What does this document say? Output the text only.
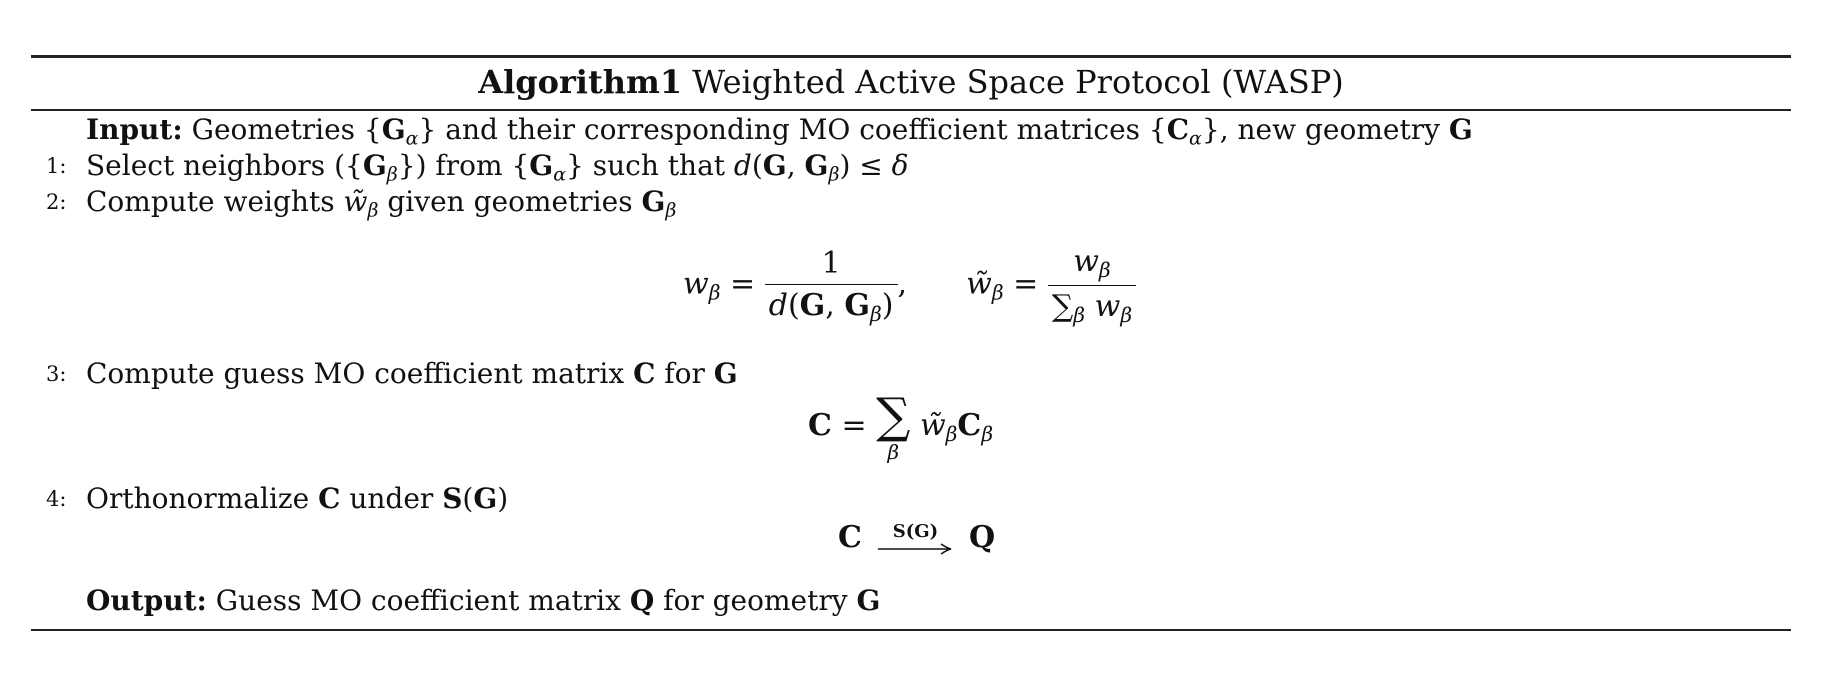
Algorithm1 Weighted Active Space Protocol (WASP)
Input: Geometries $\{G_\alpha\}$ and their corresponding MO coefficient matrices $\{C_\alpha\}$, new geometry G
1: Select neighbors $(\{G_\beta\})$ from $\{G_\alpha\}$ such that d(G, $G_\beta) \le \delta$
2: Compute weights $w̃_\beta$ given geometries $G_\beta$
$w_\beta = \frac{1}{d(G, G_\beta)}$ , $w̃_\beta = \frac{w_\beta}{\sum_\beta w_\beta}$
3: Compute guess MO coefficient matrix C for G
C = ∑
β
$w̃_\beta C_\beta$
4: Orthonormalize C under S(G)
C	S(G)	Q
Output: Guess MO coefficient matrix Q for geometry G
